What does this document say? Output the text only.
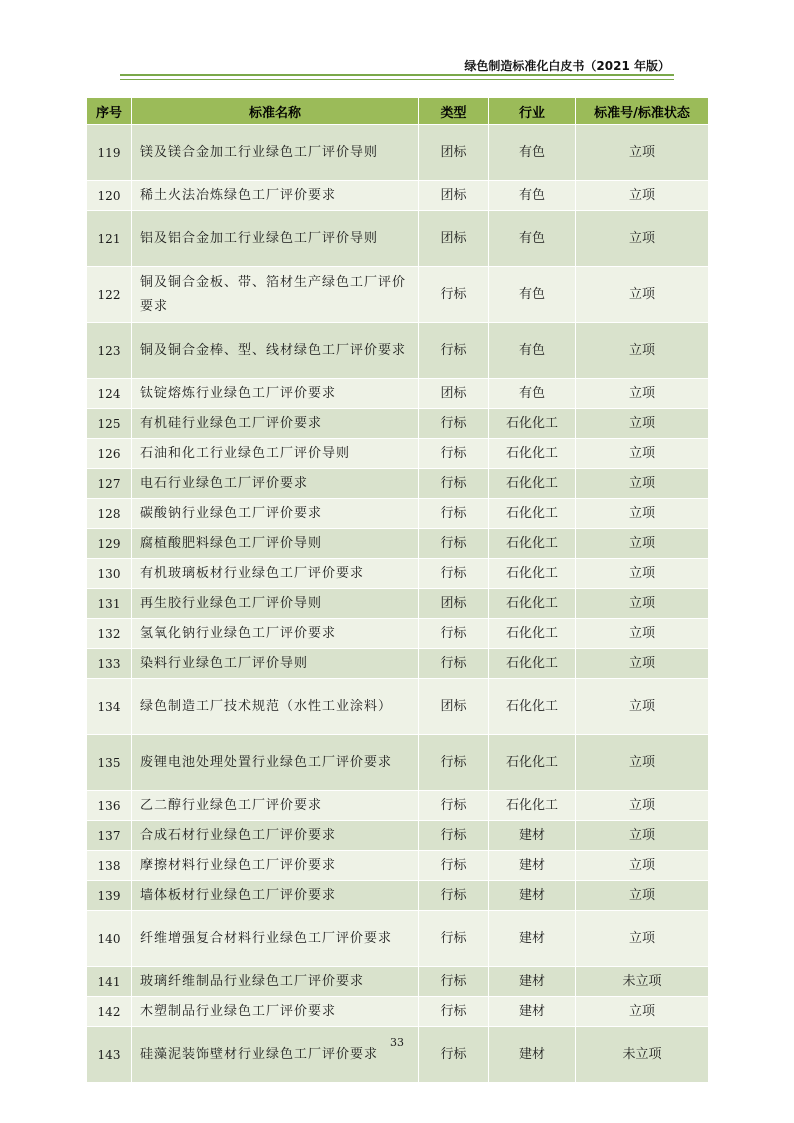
绿色制造标准化白皮书（2021 年版）
序号	标准名称	类型	行业	标准号/标准状态
119	镁及镁合金加工行业绿色工厂评价导则	团标	有色	立项
120	稀土火法冶炼绿色工厂评价要求	团标	有色	立项
121	铝及铝合金加工行业绿色工厂评价导则	团标	有色	立项
122	铜及铜合金板、带、箔材生产绿色工厂评价要求	行标	有色	立项
123	铜及铜合金棒、型、线材绿色工厂评价要求	行标	有色	立项
124	钛锭熔炼行业绿色工厂评价要求	团标	有色	立项
125	有机硅行业绿色工厂评价要求	行标	石化化工	立项
126	石油和化工行业绿色工厂评价导则	行标	石化化工	立项
127	电石行业绿色工厂评价要求	行标	石化化工	立项
128	碳酸钠行业绿色工厂评价要求	行标	石化化工	立项
129	腐植酸肥料绿色工厂评价导则	行标	石化化工	立项
130	有机玻璃板材行业绿色工厂评价要求	行标	石化化工	立项
131	再生胶行业绿色工厂评价导则	团标	石化化工	立项
132	氢氧化钠行业绿色工厂评价要求	行标	石化化工	立项
133	染料行业绿色工厂评价导则	行标	石化化工	立项
134	绿色制造工厂技术规范（水性工业涂料）	团标	石化化工	立项
135	废锂电池处理处置行业绿色工厂评价要求	行标	石化化工	立项
136	乙二醇行业绿色工厂评价要求	行标	石化化工	立项
137	合成石材行业绿色工厂评价要求	行标	建材	立项
138	摩擦材料行业绿色工厂评价要求	行标	建材	立项
139	墙体板材行业绿色工厂评价要求	行标	建材	立项
140	纤维增强复合材料行业绿色工厂评价要求	行标	建材	立项
141	玻璃纤维制品行业绿色工厂评价要求	行标	建材	未立项
142	木塑制品行业绿色工厂评价要求	行标	建材	立项
143	硅藻泥装饰壁材行业绿色工厂评价要求	行标	建材	未立项
33
